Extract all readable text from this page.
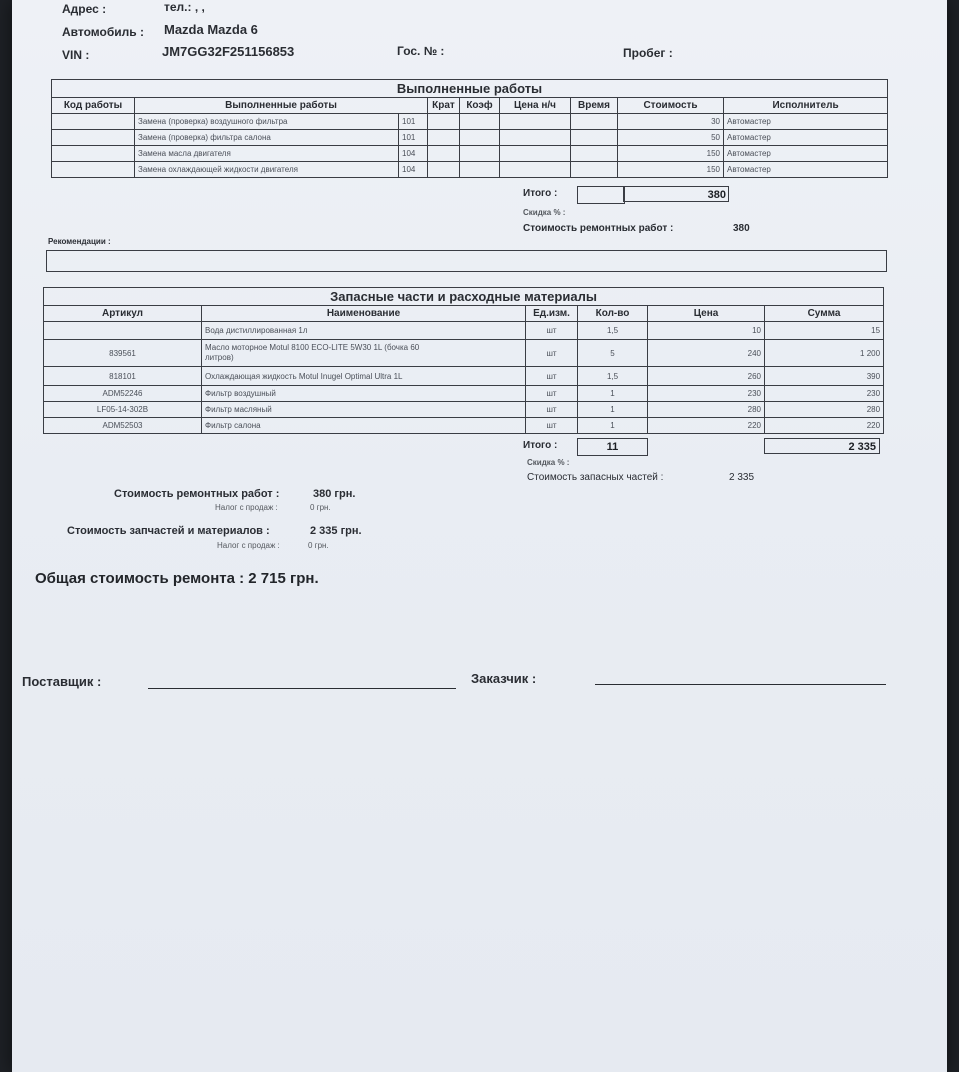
Адрес :	тел.: , ,
Автомобиль : Mazda Mazda 6
VIN :	JM7GG32F251156853	Гос. № :	Пробег :
Выполненные работы								
Код работы	Выполненные работы		Крат	Коэф	Цена н/ч	Время	Стоимость	Исполнитель
	Замена (проверка) воздушного фильтра	101					30	Автомастер
	Замена (проверка) фильтра салона	101					50	Автомастер
	Замена масла двигателя	104					150	Автомастер
	Замена охлаждающей жидкости двигателя	104					150	Автомастер
Итого :	380
Скидка % :
Стоимость ремонтных работ :	380
Рекомендации :
Запасные части и расходные материалы					
Артикул	Наименование	Ед.изм.	Кол-во	Цена	Сумма
	Вода дистиллированная 1л	шт	1,5	10	15
839561	Масло моторное Motul 8100 ECO-LITE 5W30 1L (бочка 60
литров)	шт	5	240	1 200
818101	Охлаждающая жидкость Motul Inugel Optimal Ultra 1L	шт	1,5	260	390
ADM52246	Фильтр воздушный	шт	1	230	230
LF05-14-302B	Фильтр масляный	шт	1	280	280
ADM52503	Фильтр салона	шт	1	220	220
Итого :	11	2 335
Скидка % :
Стоимость запасных частей :	2 335
Стоимость ремонтных работ :	380 грн.
Налог с продаж :	0 грн.
Стоимость запчастей и материалов :	2 335 грн.
Налог с продаж :	0 грн.
Общая стоимость ремонта : 2 715 грн.
Поставщик :	Заказчик :
